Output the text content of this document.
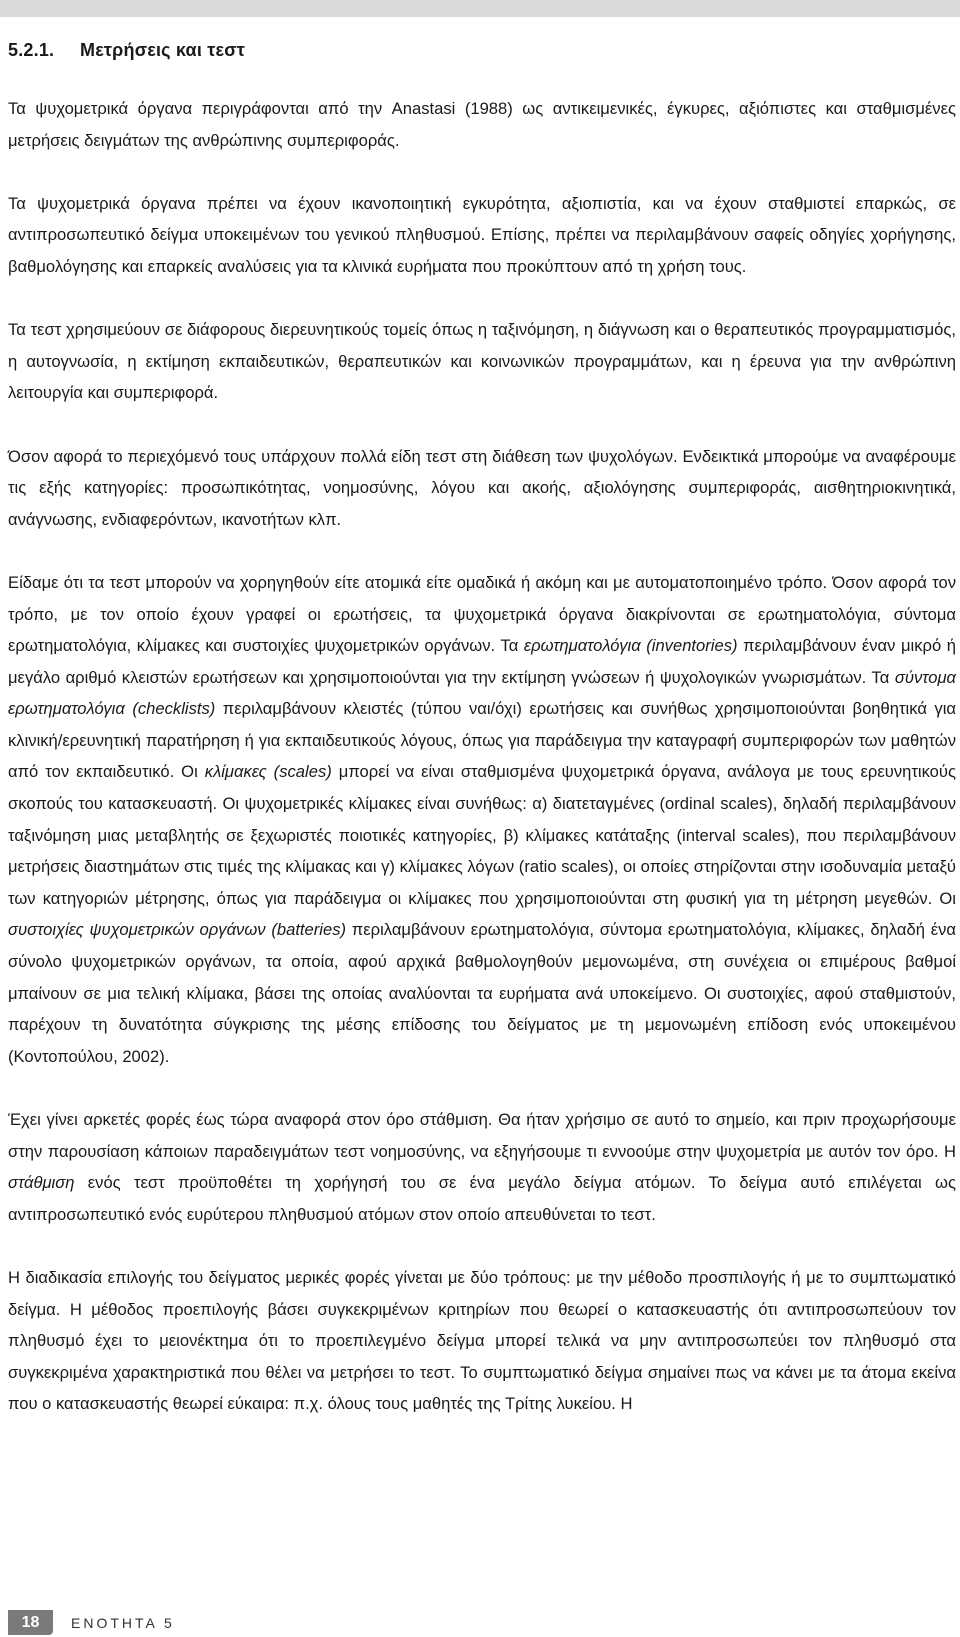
5.2.1. Μετρήσεις και τεστ

Τα ψυχομετρικά όργανα περιγράφονται από την Anastasi (1988) ως αντικειμενικές, έγκυρες, αξιόπιστες και σταθμισμένες μετρήσεις δειγμάτων της ανθρώπινης συμπεριφοράς.

Τα ψυχομετρικά όργανα πρέπει να έχουν ικανοποιητική εγκυρότητα, αξιοπιστία, και να έχουν σταθμιστεί επαρκώς, σε αντιπροσωπευτικό δείγμα υποκειμένων του γενικού πληθυσμού. Επίσης, πρέπει να περιλαμβάνουν σαφείς οδηγίες χορήγησης, βαθμολόγησης και επαρκείς αναλύσεις για τα κλινικά ευρήματα που προκύπτουν από τη χρήση τους.

Τα τεστ χρησιμεύουν σε διάφορους διερευνητικούς τομείς όπως η ταξινόμηση, η διάγνωση και ο θεραπευτικός προγραμματισμός, η αυτογνωσία, η εκτίμηση εκπαιδευτικών, θεραπευτικών και κοινωνικών προγραμμάτων, και η έρευνα για την ανθρώπινη λειτουργία και συμπεριφορά.

Όσον αφορά το περιεχόμενό τους υπάρχουν πολλά είδη τεστ στη διάθεση των ψυχολόγων. Ενδεικτικά μπορούμε να αναφέρουμε τις εξής κατηγορίες: προσωπικότητας, νοημοσύνης, λόγου και ακοής, αξιολόγησης συμπεριφοράς, αισθητηριοκινητικά, ανάγνωσης, ενδιαφερόντων, ικανοτήτων κλπ.

Είδαμε ότι τα τεστ μπορούν να χορηγηθούν είτε ατομικά είτε ομαδικά ή ακόμη και με αυτοματοποιημένο τρόπο. Όσον αφορά τον τρόπο, με τον οποίο έχουν γραφεί οι ερωτήσεις, τα ψυχομετρικά όργανα διακρίνονται σε ερωτηματολόγια, σύντομα ερωτηματολόγια, κλίμακες και συστοιχίες ψυχομετρικών οργάνων. Τα ερωτηματολόγια (inventories) περιλαμβάνουν έναν μικρό ή μεγάλο αριθμό κλειστών ερωτήσεων και χρησιμοποιούνται για την εκτίμηση γνώσεων ή ψυχολογικών γνωρισμάτων. Τα σύντομα ερωτηματολόγια (checklists) περιλαμβάνουν κλειστές (τύπου ναι/όχι) ερωτήσεις και συνήθως χρησιμοποιούνται βοηθητικά για κλινική/ερευνητική παρατήρηση ή για εκπαιδευτικούς λόγους, όπως για παράδειγμα την καταγραφή συμπεριφορών των μαθητών από τον εκπαιδευτικό. Οι κλίμακες (scales) μπορεί να είναι σταθμισμένα ψυχομετρικά όργανα, ανάλογα με τους ερευνητικούς σκοπούς του κατασκευαστή. Οι ψυχομετρικές κλίμακες είναι συνήθως: α) διατεταγμένες (ordinal scales), δηλαδή περιλαμβάνουν ταξινόμηση μιας μεταβλητής σε ξεχωριστές ποιοτικές κατηγορίες, β) κλίμακες κατάταξης (interval scales), που περιλαμβάνουν μετρήσεις διαστημάτων στις τιμές της κλίμακας και γ) κλίμακες λόγων (ratio scales), οι οποίες στηρίζονται στην ισοδυναμία μεταξύ των κατηγοριών μέτρησης, όπως για παράδειγμα οι κλίμακες που χρησιμοποιούνται στη φυσική για τη μέτρηση μεγεθών. Οι συστοιχίες ψυχομετρικών οργάνων (batteries) περιλαμβάνουν ερωτηματολόγια, σύντομα ερωτηματολόγια, κλίμακες, δηλαδή ένα σύνολο ψυχομετρικών οργάνων, τα οποία, αφού αρχικά βαθμολογηθούν μεμονωμένα, στη συνέχεια οι επιμέρους βαθμοί μπαίνουν σε μια τελική κλίμακα, βάσει της οποίας αναλύονται τα ευρήματα ανά υποκείμενο. Οι συστοιχίες, αφού σταθμιστούν, παρέχουν τη δυνατότητα σύγκρισης της μέσης επίδοσης του δείγματος με τη μεμονωμένη επίδοση ενός υποκειμένου (Κοντοπούλου, 2002).

Έχει γίνει αρκετές φορές έως τώρα αναφορά στον όρο στάθμιση. Θα ήταν χρήσιμο σε αυτό το σημείο, και πριν προχωρήσουμε στην παρουσίαση κάποιων παραδειγμάτων τεστ νοημοσύνης, να εξηγήσουμε τι εννοούμε στην ψυχομετρία με αυτόν τον όρο. Η στάθμιση ενός τεστ προϋποθέτει τη χορήγησή του σε ένα μεγάλο δείγμα ατόμων. Το δείγμα αυτό επιλέγεται ως αντιπροσωπευτικό ενός ευρύτερου πληθυσμού ατόμων στον οποίο απευθύνεται το τεστ.

Η διαδικασία επιλογής του δείγματος μερικές φορές γίνεται με δύο τρόπους: με την μέθοδο προσπιλογής ή με το συμπτωματικό δείγμα. Η μέθοδος προεπιλογής βάσει συγκεκριμένων κριτηρίων που θεωρεί ο κατασκευαστής ότι αντιπροσωπεύουν τον πληθυσμό έχει το μειονέκτημα ότι το προεπιλεγμένο δείγμα μπορεί τελικά να μην αντιπροσωπεύει τον πληθυσμό στα συγκεκριμένα χαρακτηριστικά που θέλει να μετρήσει το τεστ. Το συμπτωματικό δείγμα σημαίνει πως να κάνει με τα άτομα εκείνα που ο κατασκευαστής θεωρεί εύκαιρα: π.χ. όλους τους μαθητές της Τρίτης λυκείου. Η

18	ΕΝΟΤΗΤΑ 5
